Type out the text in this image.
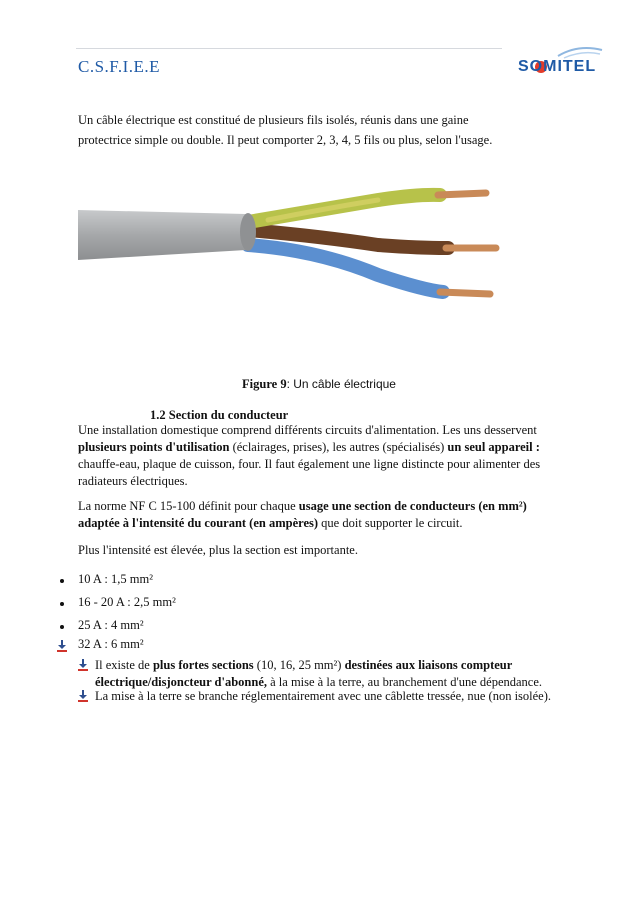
C.S.F.I.E.E	SOMITEL
Un câble électrique est constitué de plusieurs fils isolés, réunis dans une gaine
protectrice simple ou double. Il peut comporter 2, 3, 4, 5 fils ou plus, selon l'usage.
Figure 9: Un câble électrique
1.2 Section du conducteur
Une installation domestique comprend différents circuits d'alimentation. Les uns desservent plusieurs points d'utilisation (éclairages, prises), les autres (spécialisés) un seul appareil : chauffe-eau, plaque de cuisson, four. Il faut également une ligne distincte pour alimenter des radiateurs électriques.
La norme NF C 15-100 définit pour chaque usage une section de conducteurs (en mm²) adaptée à l'intensité du courant (en ampères) que doit supporter le circuit.
Plus l'intensité est élevée, plus la section est importante.
10 A : 1,5 mm²
16 - 20 A : 2,5 mm²
25 A : 4 mm²
32 A : 6 mm²
Il existe de plus fortes sections (10, 16, 25 mm²) destinées aux liaisons compteur électrique/disjoncteur d'abonné, à la mise à la terre, au branchement d'une dépendance.
La mise à la terre se branche réglementairement avec une câblette tressée, nue (non isolée).
